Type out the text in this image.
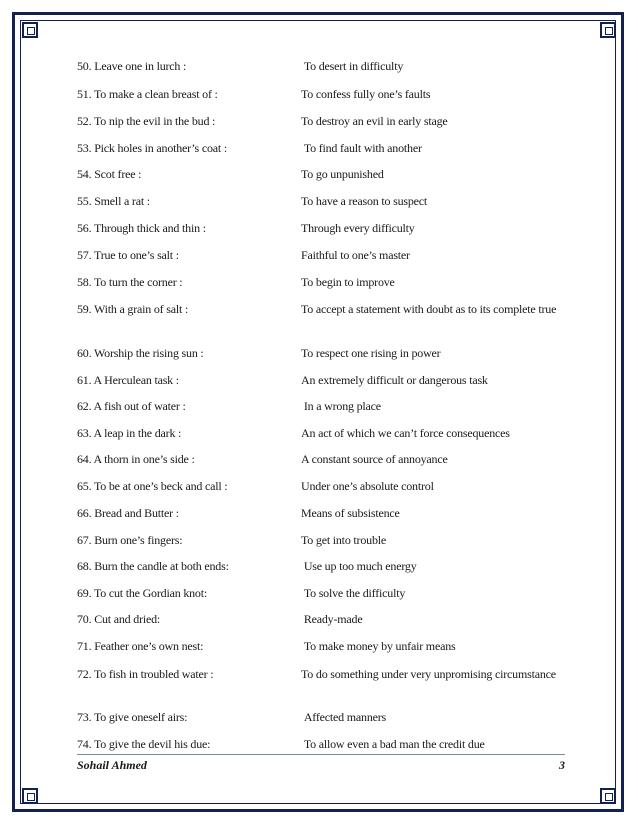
50. Leave one in lurch :	To desert in difficulty
51. To make a clean breast of :	To confess fully one’s faults
52. To nip the evil in the bud :	To destroy an evil in early stage
53. Pick holes in another’s coat :	To find fault with another
54. Scot free :	To go unpunished
55. Smell a rat :	To have a reason to suspect
56. Through thick and thin :	Through every difficulty
57. True to one’s salt :	Faithful to one’s master
58. To turn the corner :	To begin to improve
59. With a grain of salt :	To accept a statement with doubt as to its complete true
60. Worship the rising sun :	To respect one rising in power
61. A Herculean task :	An extremely difficult or dangerous task
62. A fish out of water :	In a wrong place
63. A leap in the dark :	An act of which we can’t force consequences
64. A thorn in one’s side :	A constant source of annoyance
65. To be at one’s beck and call :	Under one’s absolute control
66. Bread and Butter :	Means of subsistence
67. Burn one’s fingers:	To get into trouble
68. Burn the candle at both ends:	Use up too much energy
69. To cut the Gordian knot:	To solve the difficulty
70. Cut and dried:	Ready-made
71. Feather one’s own nest:	To make money by unfair means
72. To fish in troubled water :	To do something under very unpromising circumstance
73. To give oneself airs:	Affected manners
74. To give the devil his due:	To allow even a bad man the credit due
Sohail Ahmed	3
